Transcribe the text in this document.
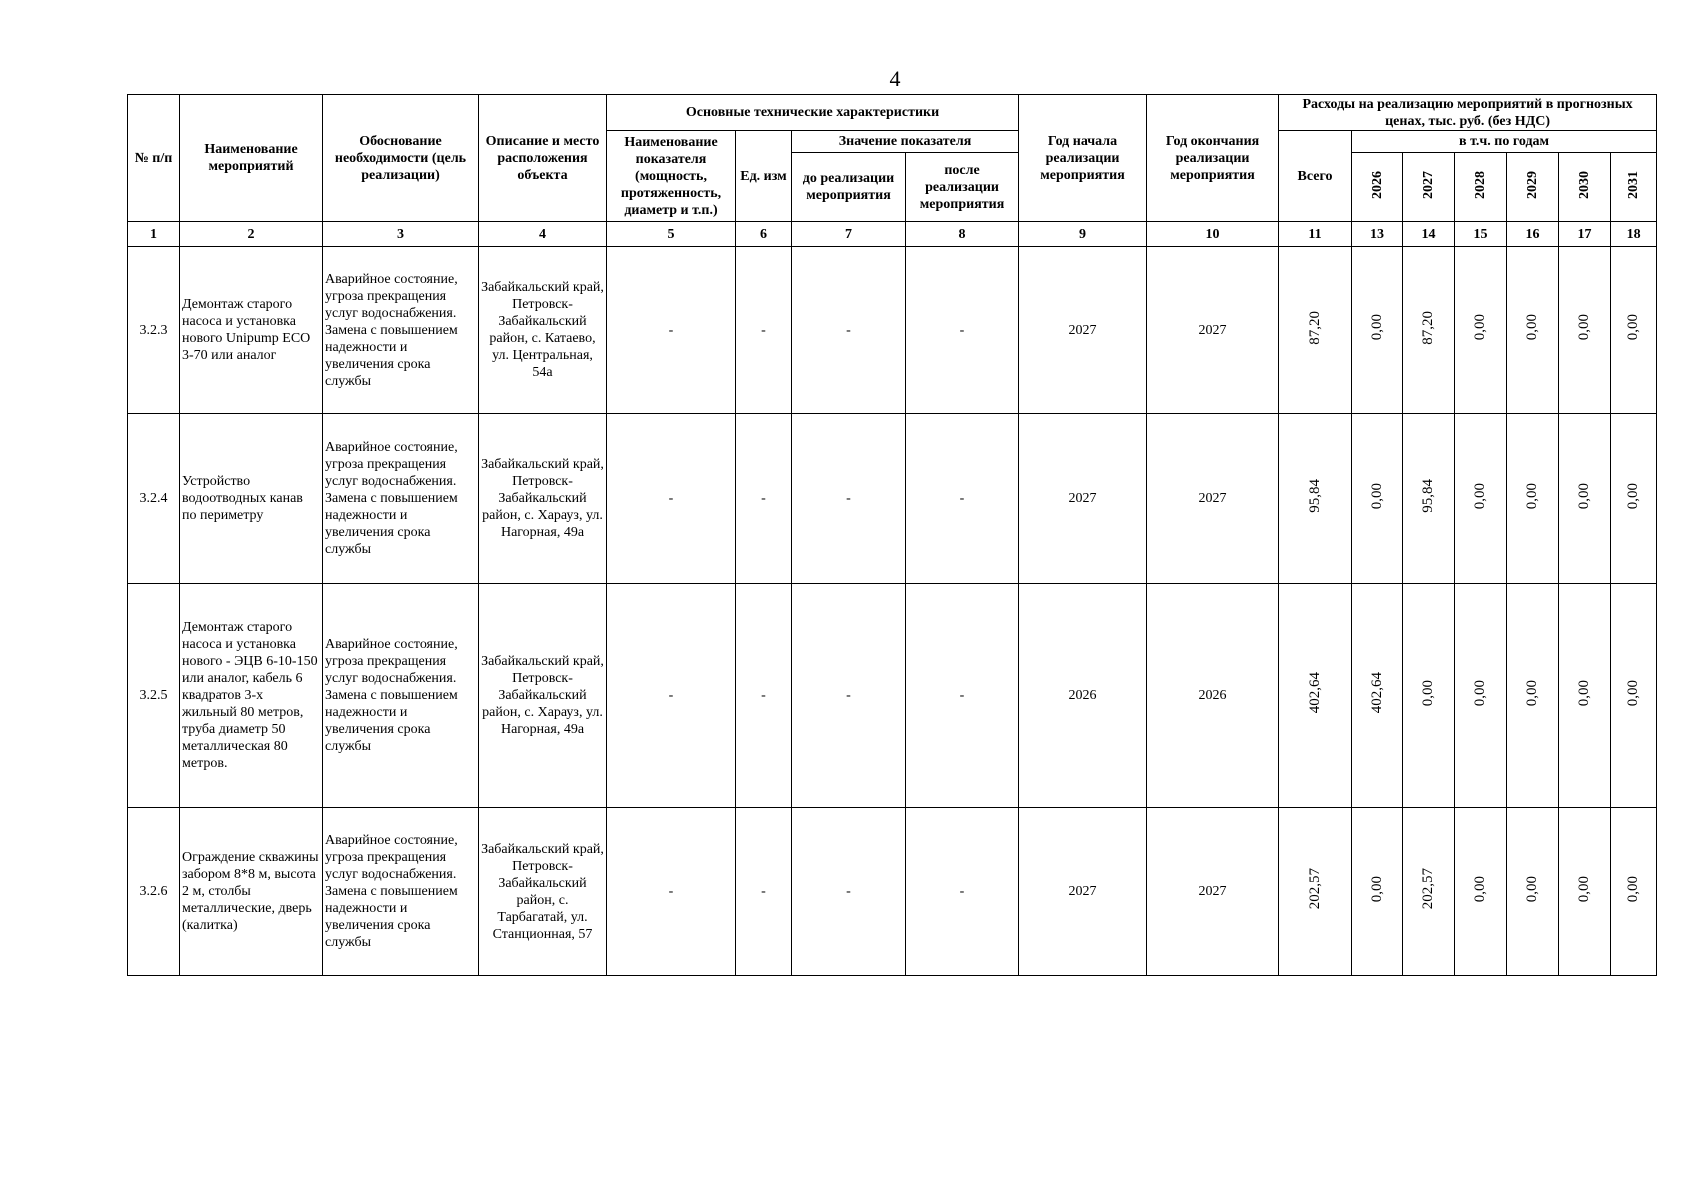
4
№ п/п	Наименование мероприятий	Обоснование необходимости (цель реализации)	Описание и место расположения объекта	Основные технические характеристики				Год начала реализации мероприятия	Год окончания реализации мероприятия	Расходы на реализацию мероприятий в прогнозных ценах, тыс. руб. (без НДС)						
				Наименование показателя (мощность, протяженность, диаметр и т.п.)	Ед. изм	Значение показателя				Всего	в т.ч. по годам					
						до реализации мероприятия	после реализации мероприятия				2026	2027	2028	2029	2030	2031
1	2	3	4	5	6	7	8	9	10	11	13	14	15	16	17	18
3.2.3	Демонтаж старого насоса и установка нового Unipump ECO 3-70 или аналог	Аварийное состояние, угроза прекращения услуг водоснабжения. Замена с повышением надежности и увеличения срока службы	Забайкальский край, Петровск-Забайкальский район, с. Катаево, ул. Центральная, 54а	-	-	-	-	2027	2027	87,20	0,00	87,20	0,00	0,00	0,00	0,00
3.2.4	Устройство водоотводных канав по периметру	Аварийное состояние, угроза прекращения услуг водоснабжения. Замена с повышением надежности и увеличения срока службы	Забайкальский край, Петровск-Забайкальский район, с. Харауз, ул. Нагорная, 49а	-	-	-	-	2027	2027	95,84	0,00	95,84	0,00	0,00	0,00	0,00
3.2.5	Демонтаж старого насоса и установка нового - ЭЦВ 6-10-150 или аналог, кабель 6 квадратов 3-х жильный 80 метров, труба диаметр 50 металлическая 80 метров.	Аварийное состояние, угроза прекращения услуг водоснабжения. Замена с повышением надежности и увеличения срока службы	Забайкальский край, Петровск-Забайкальский район, с. Харауз, ул. Нагорная, 49а	-	-	-	-	2026	2026	402,64	402,64	0,00	0,00	0,00	0,00	0,00
3.2.6	Ограждение скважины забором 8*8 м, высота 2 м, столбы металлические, дверь (калитка)	Аварийное состояние, угроза прекращения услуг водоснабжения. Замена с повышением надежности и увеличения срока службы	Забайкальский край, Петровск-Забайкальский район, с. Тарбагатай, ул. Станционная, 57	-	-	-	-	2027	2027	202,57	0,00	202,57	0,00	0,00	0,00	0,00
